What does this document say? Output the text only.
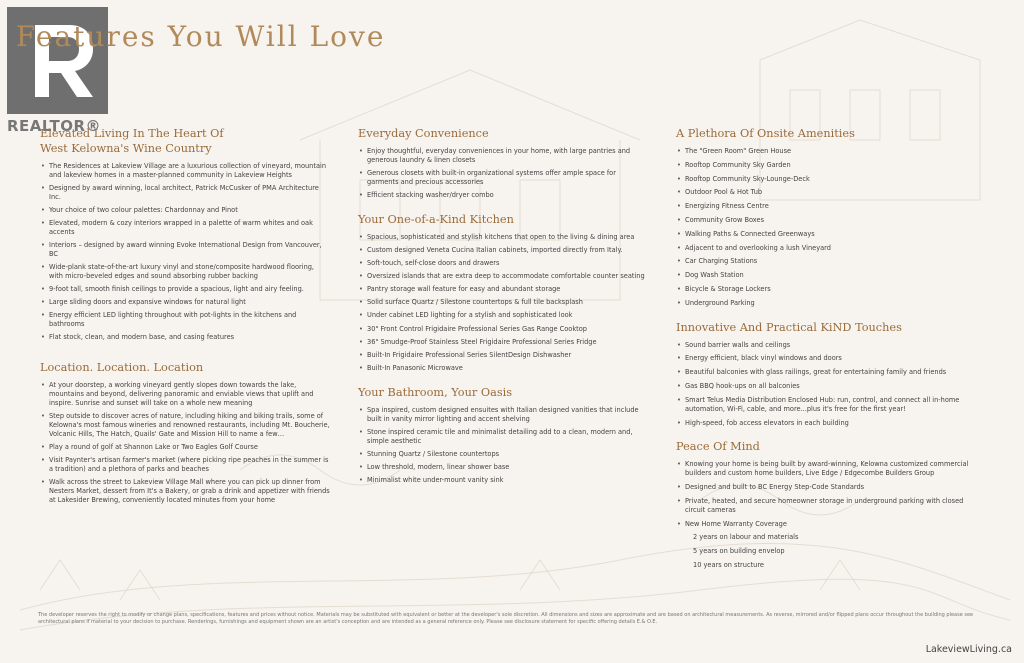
REALTOR®
Features You Will Love
Elevated Living In The Heart Of
West Kelowna's Wine Country
• The Residences at Lakeview Village are a luxurious collection of vineyard, mountain and lakeview homes in a master-planned community in Lakeview Heights
• Designed by award winning, local architect, Patrick McCusker of PMA Architecture Inc.
• Your choice of two colour palettes: Chardonnay and Pinot
• Elevated, modern & cozy interiors wrapped in a palette of warm whites and oak accents
• Interiors – designed by award winning Evoke International Design from Vancouver, BC
• Wide-plank state-of-the-art luxury vinyl and stone/composite hardwood flooring, with micro-beveled edges and sound absorbing rubber backing
• 9-foot tall, smooth finish ceilings to provide a spacious, light and airy feeling.
• Large sliding doors and expansive windows for natural light
• Energy efficient LED lighting throughout with pot-lights in the kitchens and bathrooms
• Flat stock, clean, and modern base, and casing features
Location. Location. Location
• At your doorstep, a working vineyard gently slopes down towards the lake, mountains and beyond, delivering panoramic and enviable views that uplift and inspire. Sunrise and sunset will take on a whole new meaning
• Step outside to discover acres of nature, including hiking and biking trails, some of Kelowna's most famous wineries and renowned restaurants, including Mt. Boucherie, Volcanic Hills, The Hatch, Quails' Gate and Mission Hill to name a few…
• Play a round of golf at Shannon Lake or Two Eagles Golf Course
• Visit Paynter's artisan farmer's market (where picking ripe peaches in the summer is a tradition) and a plethora of parks and beaches
• Walk across the street to Lakeview Village Mall where you can pick up dinner from Nesters Market, dessert from It's a Bakery, or grab a drink and appetizer with friends at Lakesider Brewing, conveniently located minutes from your home
Everyday Convenience
• Enjoy thoughtful, everyday conveniences in your home, with large pantries and generous laundry & linen closets
• Generous closets with built-in organizational systems offer ample space for garments and precious accessories
• Efficient stacking washer/dryer combo
Your One-of-a-Kind Kitchen
• Spacious, sophisticated and stylish kitchens that open to the living & dining area
• Custom designed Veneta Cucina Italian cabinets, imported directly from Italy.
• Soft-touch, self-close doors and drawers
• Oversized islands that are extra deep to accommodate comfortable counter seating
• Pantry storage wall feature for easy and abundant storage
• Solid surface Quartz / Silestone countertops & full tile backsplash
• Under cabinet LED lighting for a stylish and sophisticated look
• 30" Front Control Frigidaire Professional Series Gas Range Cooktop
• 36" Smudge-Proof Stainless Steel Frigidaire Professional Series Fridge
• Built-In Frigidaire Professional Series SilentDesign Dishwasher
• Built-In Panasonic Microwave
Your Bathroom, Your Oasis
• Spa inspired, custom designed ensuites with Italian designed vanities that include built in vanity mirror lighting and accent shelving
• Stone inspired ceramic tile and minimalist detailing add to a clean, modern and, simple aesthetic
• Stunning Quartz / Silestone countertops
• Low threshold, modern, linear shower base
• Minimalist white under-mount vanity sink
A Plethora Of Onsite Amenities
• The "Green Room" Green House
• Rooftop Community Sky Garden
• Rooftop Community Sky-Lounge-Deck
• Outdoor Pool & Hot Tub
• Energizing Fitness Centre
• Community Grow Boxes
• Walking Paths & Connected Greenways
• Adjacent to and overlooking a lush Vineyard
• Car Charging Stations
• Dog Wash Station
• Bicycle & Storage Lockers
• Underground Parking
Innovative And Practical KiND Touches
• Sound barrier walls and ceilings
• Energy efficient, black vinyl windows and doors
• Beautiful balconies with glass railings, great for entertaining family and friends
• Gas BBQ hook-ups on all balconies
• Smart Telus Media Distribution Enclosed Hub: run, control, and connect all in-home automation, Wi-Fi, cable, and more...plus it's free for the first year!
• High-speed, fob access elevators in each building
Peace Of Mind
• Knowing your home is being built by award-winning, Kelowna customized commercial builders and custom home builders, Live Edge / Edgecombe Builders Group
• Designed and built to BC Energy Step-Code Standards
• Private, heated, and secure homeowner storage in underground parking with closed circuit cameras
• New Home Warranty Coverage
2 years on labour and materials
5 years on building envelop
10 years on structure

The developer reserves the right to modify or change plans, specifications, features and prices without notice. Materials may be substituted with equivalent or better at the developer's sole discretion. All dimensions and sizes are approximate and are based on architectural measurements. As reverse, mirrored and/or flipped plans occur throughout the building please see architectural plans if material to your decision to purchase. Renderings, furnishings and equipment shown are an artist's conception and are intended as a general reference only. Please see disclosure statement for specific offering details E.& O.E.

LakeviewLiving.ca
